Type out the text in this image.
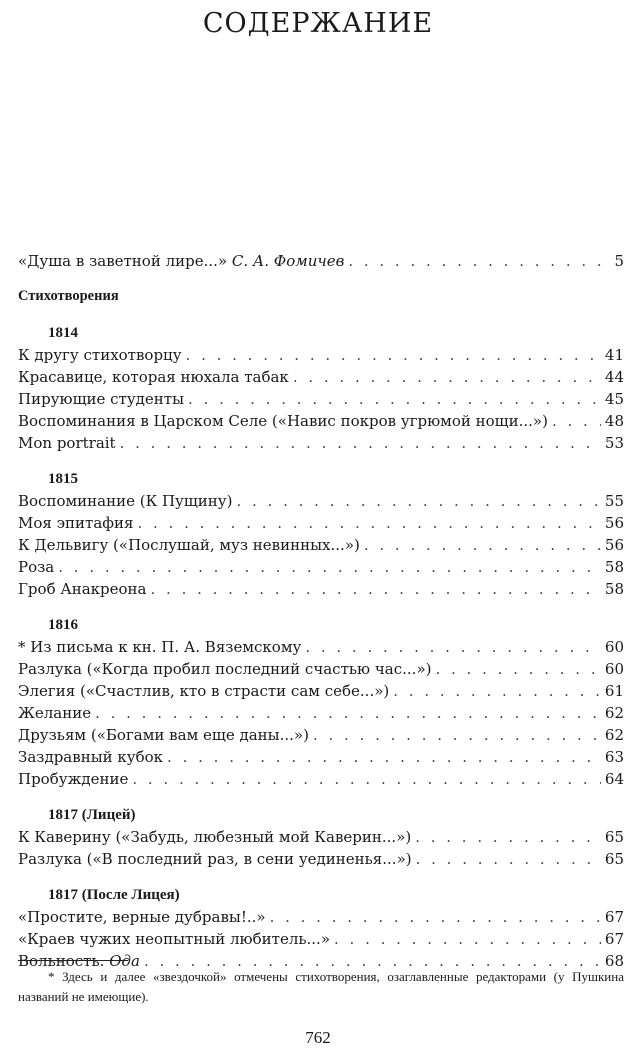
СОДЕРЖАНИЕ
«Душа в заветной лире...» С. А. Фомичев . . .	5
Стихотворения
1814
К другу стихотворцу . . .	41
Красавице, которая нюхала табак . . .	44
Пирующие студенты . . .	45
Воспоминания в Царском Селе («Навис покров угрюмой нощи...») . . .	48
Mon portrait . . .	53
1815
Воспоминание (К Пущину) . . .	55
Моя эпитафия . . .	56
К Дельвигу («Послушай, муз невинных...») . . .	56
Роза . . .	58
Гроб Анакреона . . .	58
1816
* Из письма к кн. П. А. Вяземскому . . .	60
Разлука («Когда пробил последний счастью час...») . . .	60
Элегия («Счастлив, кто в страсти сам себе...») . . .	61
Желание . . .	62
Друзьям («Богами вам еще даны...») . . .	62
Заздравный кубок . . .	63
Пробуждение . . .	64
1817 (Лицей)
К Каверину («Забудь, любезный мой Каверин...») . . .	65
Разлука («В последний раз, в сени уединенья...») . . .	65
1817 (После Лицея)
«Простите, верные дубравы!..» . . .	67
«Краев чужих неопытный любитель...» . . .	67
Вольность. Ода . . .	68
* Здесь и далее «звездочкой» отмечены стихотворения, озаглавленные редакторами (у Пушкина названий не имеющие).
762
